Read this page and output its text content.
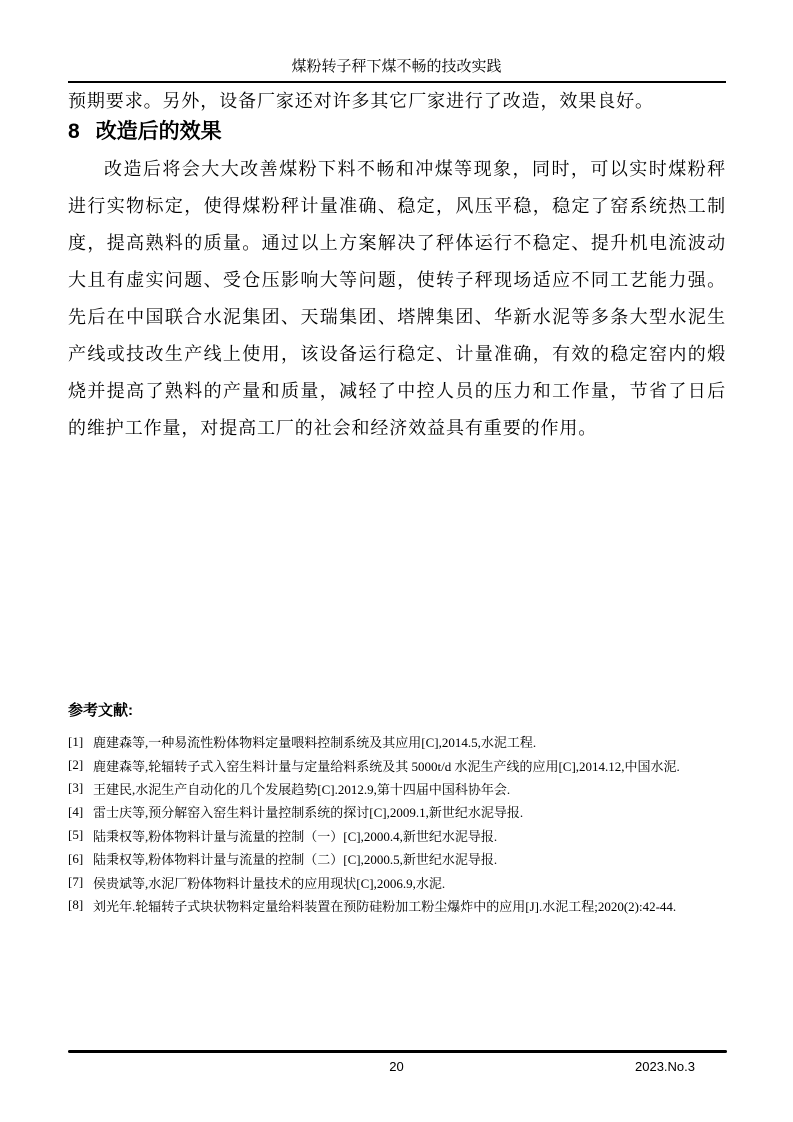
煤粉转子秤下煤不畅的技改实践
预期要求。另外，设备厂家还对许多其它厂家进行了改造，效果良好。
8 改造后的效果
改造后将会大大改善煤粉下料不畅和冲煤等现象，同时，可以实时煤粉秤进行实物标定，使得煤粉秤计量准确、稳定，风压平稳，稳定了窑系统热工制度，提高熟料的质量。通过以上方案解决了秤体运行不稳定、提升机电流波动大且有虚实问题、受仓压影响大等问题，使转子秤现场适应不同工艺能力强。先后在中国联合水泥集团、天瑞集团、塔牌集团、华新水泥等多条大型水泥生产线或技改生产线上使用，该设备运行稳定、计量准确，有效的稳定窑内的煅烧并提高了熟料的产量和质量，减轻了中控人员的压力和工作量，节省了日后的维护工作量，对提高工厂的社会和经济效益具有重要的作用。
参考文献:
[1] 鹿建森等,一种易流性粉体物料定量喂料控制系统及其应用[C],2014.5,水泥工程.
[2] 鹿建森等,轮辐转子式入窑生料计量与定量给料系统及其 5000t/d 水泥生产线的应用[C],2014.12,中国水泥.
[3] 王建民,水泥生产自动化的几个发展趋势[C].2012.9,第十四届中国科协年会.
[4] 雷士庆等,预分解窑入窑生料计量控制系统的探讨[C],2009.1,新世纪水泥导报.
[5] 陆秉权等,粉体物料计量与流量的控制（一）[C],2000.4,新世纪水泥导报.
[6] 陆秉权等,粉体物料计量与流量的控制（二）[C],2000.5,新世纪水泥导报.
[7] 侯贵斌等,水泥厂粉体物料计量技术的应用现状[C],2006.9,水泥.
[8] 刘光年.轮辐转子式块状物料定量给料装置在预防硅粉加工粉尘爆炸中的应用[J].水泥工程;2020(2):42-44.
20	2023.No.3
